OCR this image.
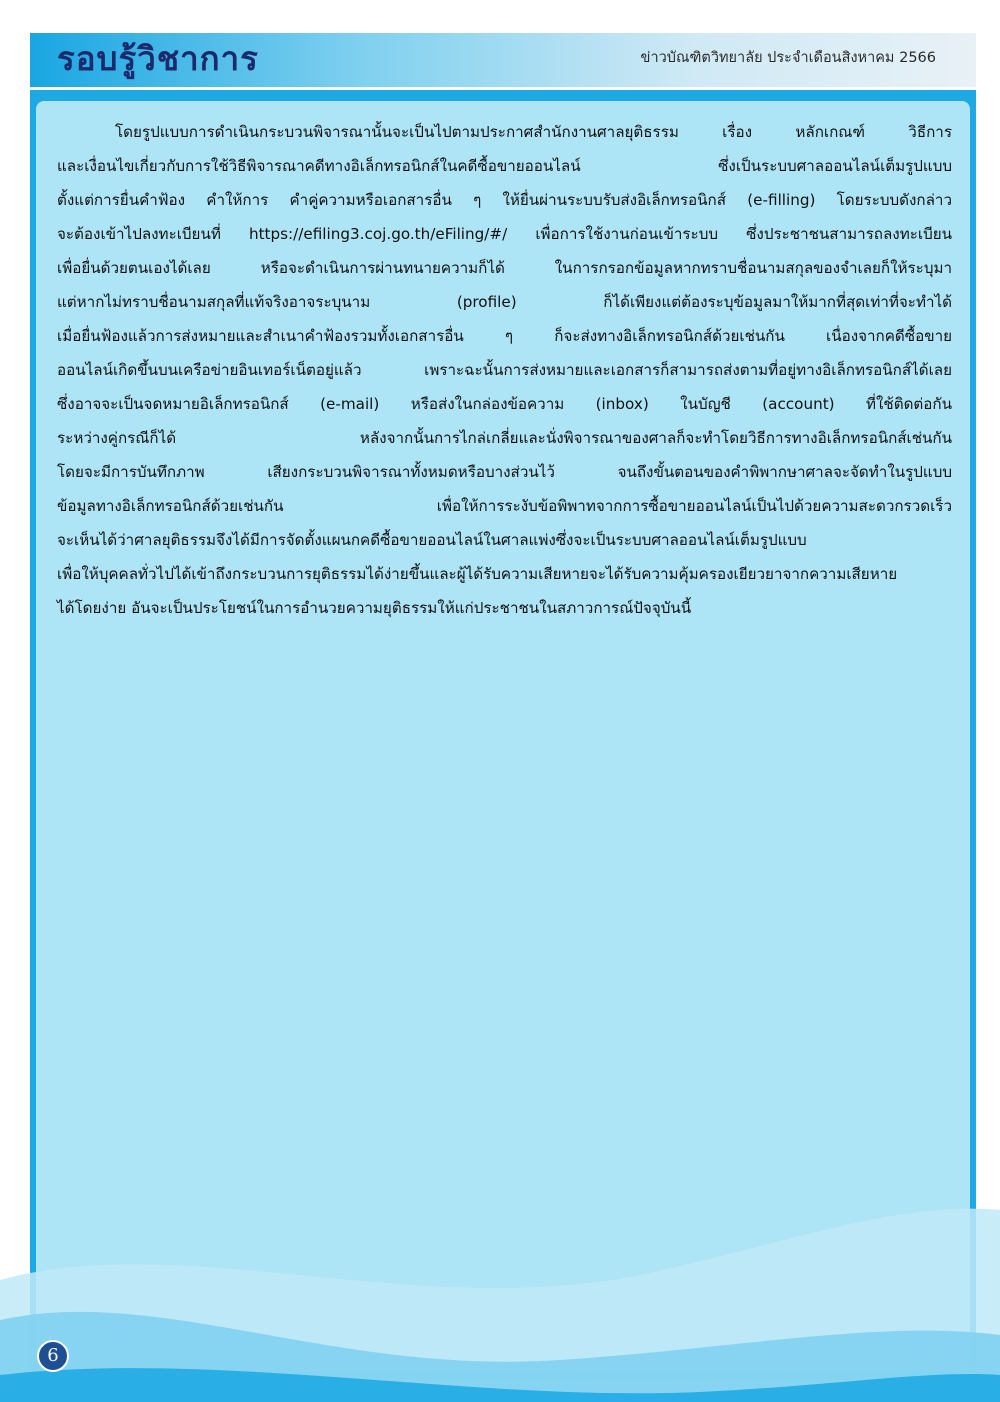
รอบรู้วิชาการ	ข่าวบัณฑิตวิทยาลัย ประจำเดือนสิงหาคม 2566

โดยรูปแบบการดำเนินกระบวนพิจารณานั้นจะเป็นไปตามประกาศสำนักงานศาลยุติธรรม เรื่อง หลักเกณฑ์ วิธีการ
และเงื่อนไขเกี่ยวกับการใช้วิธีพิจารณาคดีทางอิเล็กทรอนิกส์ในคดีซื้อขายออนไลน์ ซึ่งเป็นระบบศาลออนไลน์เต็มรูปแบบ
ตั้งแต่การยื่นคำฟ้อง คำให้การ คำคู่ความหรือเอกสารอื่น ๆ ให้ยื่นผ่านระบบรับส่งอิเล็กทรอนิกส์ (e-filling) โดยระบบดังกล่าว
จะต้องเข้าไปลงทะเบียนที่ https://efiling3.coj.go.th/eFiling/#/ เพื่อการใช้งานก่อนเข้าระบบ ซึ่งประชาชนสามารถลงทะเบียน
เพื่อยื่นด้วยตนเองได้เลย หรือจะดำเนินการผ่านทนายความก็ได้ ในการกรอกข้อมูลหากทราบชื่อนามสกุลของจำเลยก็ให้ระบุมา
แต่หากไม่ทราบชื่อนามสกุลที่แท้จริงอาจระบุนาม (profile) ก็ได้เพียงแต่ต้องระบุข้อมูลมาให้มากที่สุดเท่าที่จะทำได้
เมื่อยื่นฟ้องแล้วการส่งหมายและสำเนาคำฟ้องรวมทั้งเอกสารอื่น ๆ ก็จะส่งทางอิเล็กทรอนิกส์ด้วยเช่นกัน เนื่องจากคดีซื้อขาย
ออนไลน์เกิดขึ้นบนเครือข่ายอินเทอร์เน็ตอยู่แล้ว เพราะฉะนั้นการส่งหมายและเอกสารก็สามารถส่งตามที่อยู่ทางอิเล็กทรอนิกส์ได้เลย
ซึ่งอาจจะเป็นจดหมายอิเล็กทรอนิกส์ (e-mail) หรือส่งในกล่องข้อความ (inbox) ในบัญชี (account) ที่ใช้ติดต่อกัน
ระหว่างคู่กรณีก็ได้ หลังจากนั้นการไกล่เกลี่ยและนั่งพิจารณาของศาลก็จะทำโดยวิธีการทางอิเล็กทรอนิกส์เช่นกัน
โดยจะมีการบันทึกภาพ เสียงกระบวนพิจารณาทั้งหมดหรือบางส่วนไว้ จนถึงขั้นตอนของคำพิพากษาศาลจะจัดทำในรูปแบบ
ข้อมูลทางอิเล็กทรอนิกส์ด้วยเช่นกัน เพื่อให้การระงับข้อพิพาทจากการซื้อขายออนไลน์เป็นไปด้วยความสะดวกรวดเร็ว
จะเห็นได้ว่าศาลยุติธรรมจึงได้มีการจัดตั้งแผนกคดีซื้อขายออนไลน์ในศาลแพ่งซึ่งจะเป็นระบบศาลออนไลน์เต็มรูปแบบ
เพื่อให้บุคคลทั่วไปได้เข้าถึงกระบวนการยุติธรรมได้ง่ายขึ้นและผู้ได้รับความเสียหายจะได้รับความคุ้มครองเยียวยาจากความเสียหาย
ได้โดยง่าย อันจะเป็นประโยชน์ในการอำนวยความยุติธรรมให้แก่ประชาชนในสภาวการณ์ปัจจุบันนี้

6
